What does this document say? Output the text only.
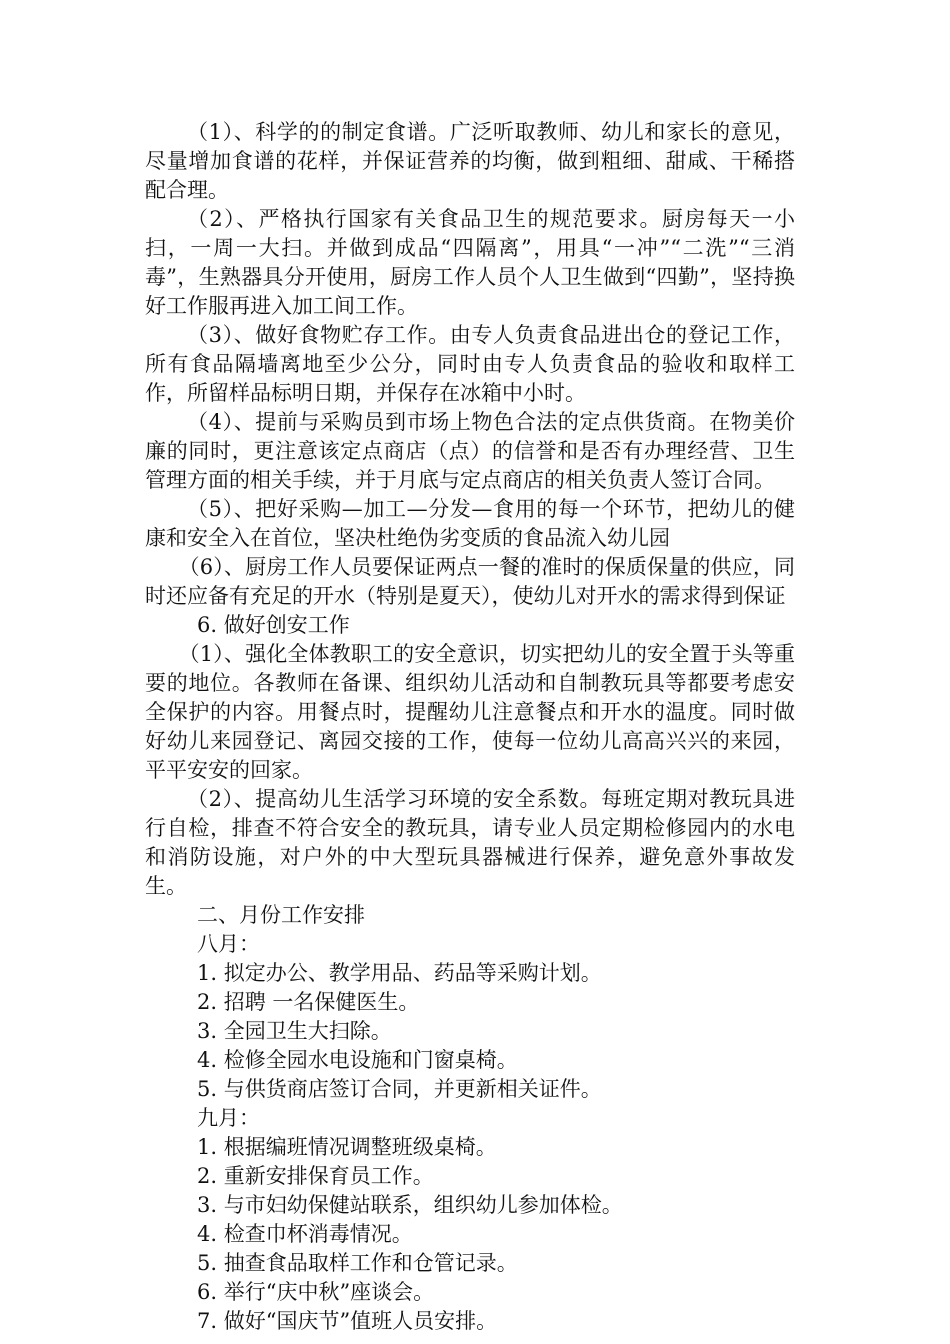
（1）、科学的的制定食谱。广泛听取教师、幼儿和家长的意见，尽量增加食谱的花样，并保证营养的均衡，做到粗细、甜咸、干稀搭配合理。

（2）、严格执行国家有关食品卫生的规范要求。厨房每天一小扫，一周一大扫。并做到成品“四隔离”，用具“一冲”“二洗”“三消毒”，生熟器具分开使用，厨房工作人员个人卫生做到“四勤”，坚持换好工作服再进入加工间工作。

（3）、做好食物贮存工作。由专人负责食品进出仓的登记工作，所有食品隔墙离地至少公分，同时由专人负责食品的验收和取样工作，所留样品标明日期，并保存在冰箱中小时。

（4）、提前与采购员到市场上物色合法的定点供货商。在物美价廉的同时，更注意该定点商店（点）的信誉和是否有办理经营、卫生管理方面的相关手续，并于月底与定点商店的相关负责人签订合同。

（5）、把好采购—加工—分发—食用的每一个环节，把幼儿的健康和安全入在首位，坚决杜绝伪劣变质的食品流入幼儿园

（6）、厨房工作人员要保证两点一餐的准时的保质保量的供应，同时还应备有充足的开水（特别是夏天），使幼儿对开水的需求得到保证

6. 做好创安工作

（1）、强化全体教职工的安全意识，切实把幼儿的安全置于头等重要的地位。各教师在备课、组织幼儿活动和自制教玩具等都要考虑安全保护的内容。用餐点时，提醒幼儿注意餐点和开水的温度。同时做好幼儿来园登记、离园交接的工作，使每一位幼儿高高兴兴的来园，平平安安的回家。

（2）、提高幼儿生活学习环境的安全系数。每班定期对教玩具进行自检，排查不符合安全的教玩具，请专业人员定期检修园内的水电和消防设施，对户外的中大型玩具器械进行保养，避免意外事故发生。

二、月份工作安排

八月：

1. 拟定办公、教学用品、药品等采购计划。

2. 招聘 一名保健医生。

3. 全园卫生大扫除。

4. 检修全园水电设施和门窗桌椅。

5. 与供货商店签订合同，并更新相关证件。

九月：

1. 根据编班情况调整班级桌椅。

2. 重新安排保育员工作。

3. 与市妇幼保健站联系，组织幼儿参加体检。

4. 检查巾杯消毒情况。

5. 抽查食品取样工作和仓管记录。

6. 举行“庆中秋”座谈会。

7. 做好“国庆节”值班人员安排。
